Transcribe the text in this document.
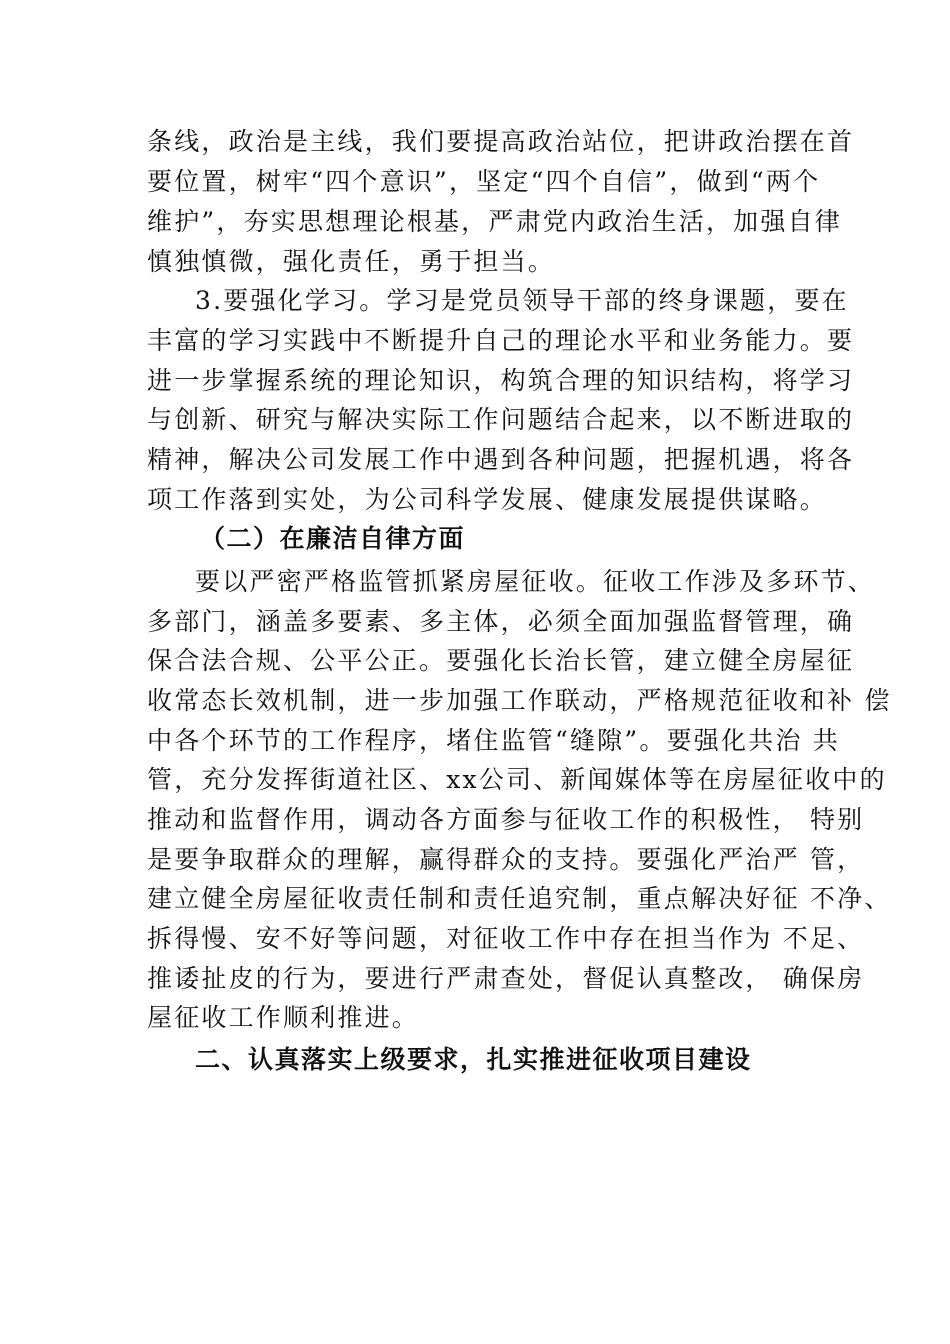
条线，政治是主线，我们要提高政治站位，把讲政治摆在首
要位置，树牢“四个意识”，坚定“四个自信”，做到“两个
维护”，夯实思想理论根基，严肃党内政治生活，加强自律
慎独慎微，强化责任，勇于担当。
3.要强化学习。学习是党员领导干部的终身课题，要在
丰富的学习实践中不断提升自己的理论水平和业务能力。要
进一步掌握系统的理论知识，构筑合理的知识结构，将学习
与创新、研究与解决实际工作问题结合起来，以不断进取的
精神，解决公司发展工作中遇到各种问题，把握机遇，将各
项工作落到实处，为公司科学发展、健康发展提供谋略。
（二）在廉洁自律方面
要以严密严格监管抓紧房屋征收。征收工作涉及多环节、
多部门，涵盖多要素、多主体，必须全面加强监督管理，确
保合法合规、公平公正。要强化长治长管，建立健全房屋征
收常态长效机制，进一步加强工作联动，严格规范征收和补 偿
中各个环节的工作程序，堵住监管“缝隙”。要强化共治 共
管，充分发挥街道社区、xx公司、新闻媒体等在房屋征收中的
推动和监督作用，调动各方面参与征收工作的积极性， 特别
是要争取群众的理解，赢得群众的支持。要强化严治严 管，
建立健全房屋征收责任制和责任追究制，重点解决好征 不净、
拆得慢、安不好等问题，对征收工作中存在担当作为 不足、
推诿扯皮的行为，要进行严肃查处，督促认真整改， 确保房
屋征收工作顺利推进。
二、认真落实上级要求，扎实推进征收项目建设
